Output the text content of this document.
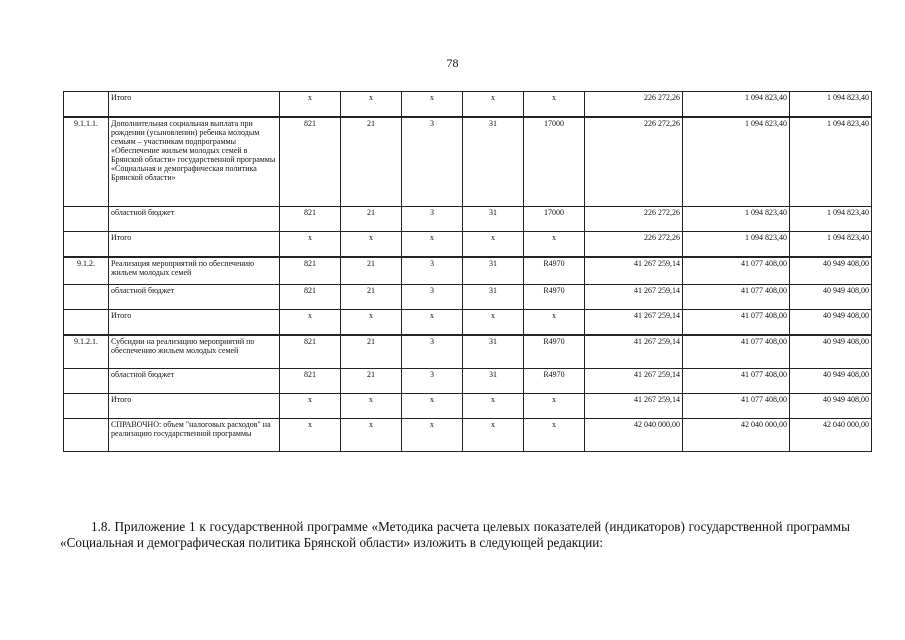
78
	Итого	х	х	х	х	х	226 272,26	1 094 823,40	1 094 823,40
9.1.1.1.	Дополнительная социальная выплата при рождении (усыновлении) ребенка молодым семьям – участникам подпрограммы «Обеспечение жильем молодых семей в Брянской области» государственной программы «Социальная и демографическая политика Брянской области»	821	21	3	31	17000	226 272,26	1 094 823,40	1 094 823,40
	областной бюджет	821	21	3	31	17000	226 272,26	1 094 823,40	1 094 823,40
	Итого	х	х	х	х	х	226 272,26	1 094 823,40	1 094 823,40
9.1.2.	Реализация мероприятий по обеспечению жильем молодых семей	821	21	3	31	R4970	41 267 259,14	41 077 408,00	40 949 408,00
	областной бюджет	821	21	3	31	R4970	41 267 259,14	41 077 408,00	40 949 408,00
	Итого	х	х	х	х	х	41 267 259,14	41 077 408,00	40 949 408,00
9.1.2.1.	Субсидии на реализацию мероприятий по обеспечению жильем молодых семей	821	21	3	31	R4970	41 267 259,14	41 077 408,00	40 949 408,00
	областной бюджет	821	21	3	31	R4970	41 267 259,14	41 077 408,00	40 949 408,00
	Итого	х	х	х	х	х	41 267 259,14	41 077 408,00	40 949 408,00
	СПРАВОЧНО: объем "налоговых расходов" на реализацию государственной программы	х	х	х	х	х	42 040 000,00	42 040 000,00	42 040 000,00

1.8. Приложение 1 к государственной программе «Методика расчета целевых показателей (индикаторов) государственной программы «Социальная и демографическая политика Брянской области» изложить в следующей редакции:
